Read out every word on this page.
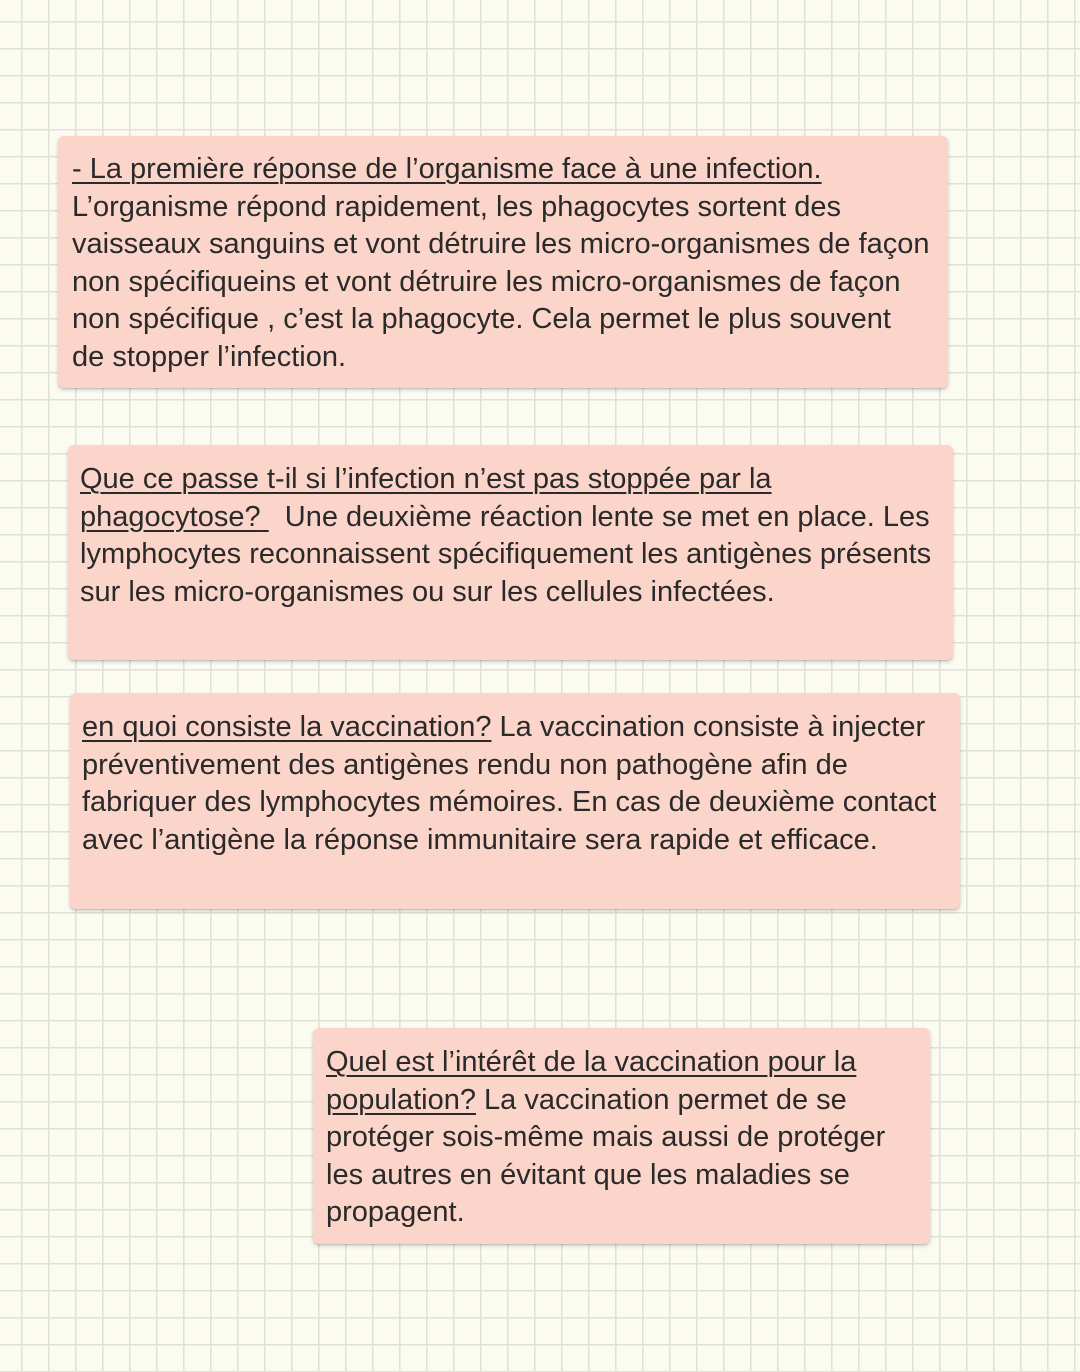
- La première réponse de l’organisme face à une infection.
L’organisme répond rapidement, les phagocytes sortent des vaisseaux sanguins et vont détruire les micro-organismes de façon non spécifiqueins et vont détruire les micro-organismes de façon non spécifique , c’est la phagocyte. Cela permet le plus souvent de stopper l’infection.

Que ce passe t-il si l’infection n’est pas stoppée par la phagocytose? Une deuxième réaction lente se met en place. Les lymphocytes reconnaissent spécifiquement les antigènes présents sur les micro-organismes ou sur les cellules infectées.

en quoi consiste la vaccination? La vaccination consiste à injecter préventivement des antigènes rendu non pathogène afin de fabriquer des lymphocytes mémoires. En cas de deuxième contact avec l’antigène la réponse immunitaire sera rapide et efficace.

Quel est l’intérêt de la vaccination pour la population? La vaccination permet de se protéger sois-même mais aussi de protéger les autres en évitant que les maladies se propagent.
